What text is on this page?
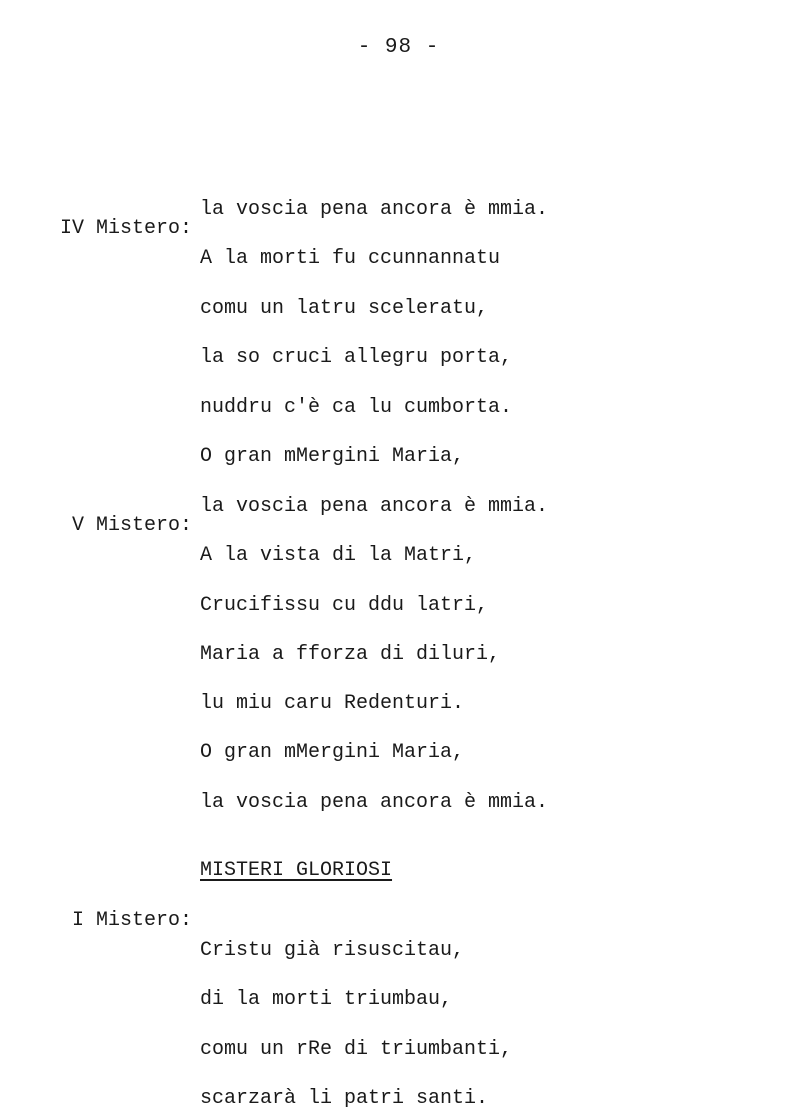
- 98 -

la voscia pena ancora è mmia.

IV Mistero:

A la morti fu ccunnannatu

comu un latru sceleratu,

la so cruci allegru porta,

nuddru c'è ca lu cumborta.

O gran mMergini Maria,

la voscia pena ancora è mmia.

V Mistero:

A la vista di la Matri,

Crucifissu cu ddu latri,

Maria a fforza di diluri,

lu miu caru Redenturi.

O gran mMergini Maria,

la voscia pena ancora è mmia.

MISTERI GLORIOSI

I Mistero:

Cristu già risuscitau,

di la morti triumbau,

comu un rRe di triumbanti,

scarzarà li patri santi.
